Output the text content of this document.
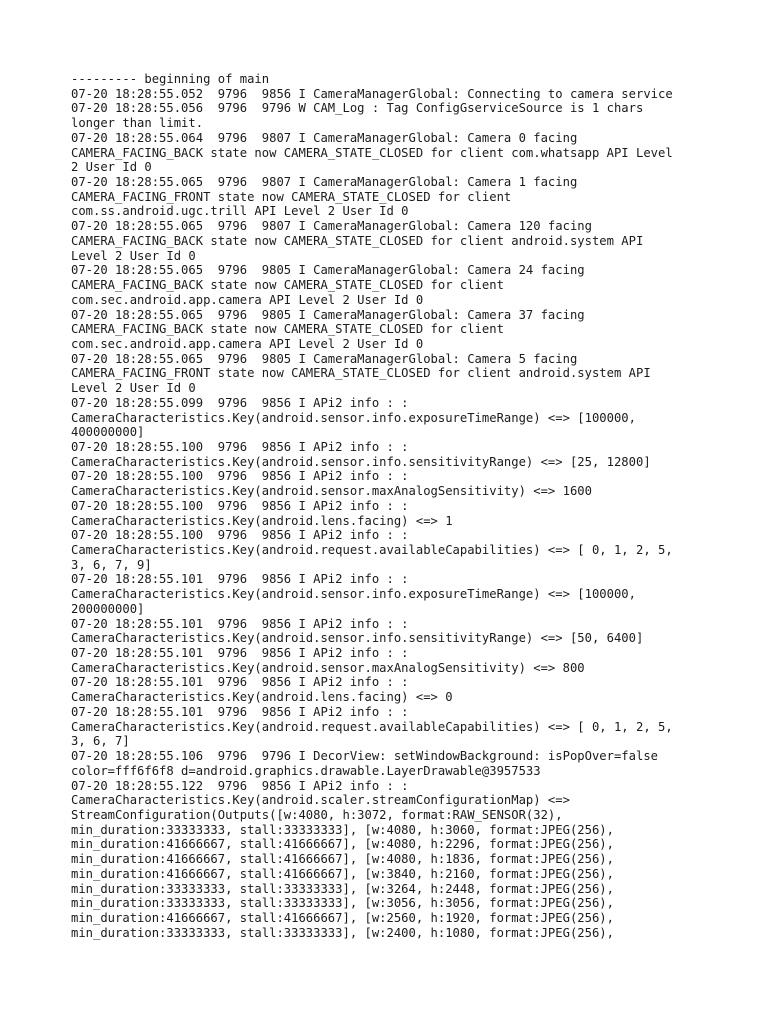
--------- beginning of main
07-20 18:28:55.052  9796  9856 I CameraManagerGlobal: Connecting to camera service
07-20 18:28:55.056  9796  9796 W CAM_Log : Tag ConfigGserviceSource is 1 chars
longer than limit.
07-20 18:28:55.064  9796  9807 I CameraManagerGlobal: Camera 0 facing
CAMERA_FACING_BACK state now CAMERA_STATE_CLOSED for client com.whatsapp API Level
2 User Id 0
07-20 18:28:55.065  9796  9807 I CameraManagerGlobal: Camera 1 facing
CAMERA_FACING_FRONT state now CAMERA_STATE_CLOSED for client
com.ss.android.ugc.trill API Level 2 User Id 0
07-20 18:28:55.065  9796  9807 I CameraManagerGlobal: Camera 120 facing
CAMERA_FACING_BACK state now CAMERA_STATE_CLOSED for client android.system API
Level 2 User Id 0
07-20 18:28:55.065  9796  9805 I CameraManagerGlobal: Camera 24 facing
CAMERA_FACING_BACK state now CAMERA_STATE_CLOSED for client
com.sec.android.app.camera API Level 2 User Id 0
07-20 18:28:55.065  9796  9805 I CameraManagerGlobal: Camera 37 facing
CAMERA_FACING_BACK state now CAMERA_STATE_CLOSED for client
com.sec.android.app.camera API Level 2 User Id 0
07-20 18:28:55.065  9796  9805 I CameraManagerGlobal: Camera 5 facing
CAMERA_FACING_FRONT state now CAMERA_STATE_CLOSED for client android.system API
Level 2 User Id 0
07-20 18:28:55.099  9796  9856 I APi2 info : :
CameraCharacteristics.Key(android.sensor.info.exposureTimeRange) <=> [100000,
400000000]
07-20 18:28:55.100  9796  9856 I APi2 info : :
CameraCharacteristics.Key(android.sensor.info.sensitivityRange) <=> [25, 12800]
07-20 18:28:55.100  9796  9856 I APi2 info : :
CameraCharacteristics.Key(android.sensor.maxAnalogSensitivity) <=> 1600
07-20 18:28:55.100  9796  9856 I APi2 info : :
CameraCharacteristics.Key(android.lens.facing) <=> 1
07-20 18:28:55.100  9796  9856 I APi2 info : :
CameraCharacteristics.Key(android.request.availableCapabilities) <=> [ 0, 1, 2, 5,
3, 6, 7, 9]
07-20 18:28:55.101  9796  9856 I APi2 info : :
CameraCharacteristics.Key(android.sensor.info.exposureTimeRange) <=> [100000,
200000000]
07-20 18:28:55.101  9796  9856 I APi2 info : :
CameraCharacteristics.Key(android.sensor.info.sensitivityRange) <=> [50, 6400]
07-20 18:28:55.101  9796  9856 I APi2 info : :
CameraCharacteristics.Key(android.sensor.maxAnalogSensitivity) <=> 800
07-20 18:28:55.101  9796  9856 I APi2 info : :
CameraCharacteristics.Key(android.lens.facing) <=> 0
07-20 18:28:55.101  9796  9856 I APi2 info : :
CameraCharacteristics.Key(android.request.availableCapabilities) <=> [ 0, 1, 2, 5,
3, 6, 7]
07-20 18:28:55.106  9796  9796 I DecorView: setWindowBackground: isPopOver=false
color=fff6f6f8 d=android.graphics.drawable.LayerDrawable@3957533
07-20 18:28:55.122  9796  9856 I APi2 info : :
CameraCharacteristics.Key(android.scaler.streamConfigurationMap) <=>
StreamConfiguration(Outputs([w:4080, h:3072, format:RAW_SENSOR(32),
min_duration:33333333, stall:33333333], [w:4080, h:3060, format:JPEG(256),
min_duration:41666667, stall:41666667], [w:4080, h:2296, format:JPEG(256),
min_duration:41666667, stall:41666667], [w:4080, h:1836, format:JPEG(256),
min_duration:41666667, stall:41666667], [w:3840, h:2160, format:JPEG(256),
min_duration:33333333, stall:33333333], [w:3264, h:2448, format:JPEG(256),
min_duration:33333333, stall:33333333], [w:3056, h:3056, format:JPEG(256),
min_duration:41666667, stall:41666667], [w:2560, h:1920, format:JPEG(256),
min_duration:33333333, stall:33333333], [w:2400, h:1080, format:JPEG(256),
